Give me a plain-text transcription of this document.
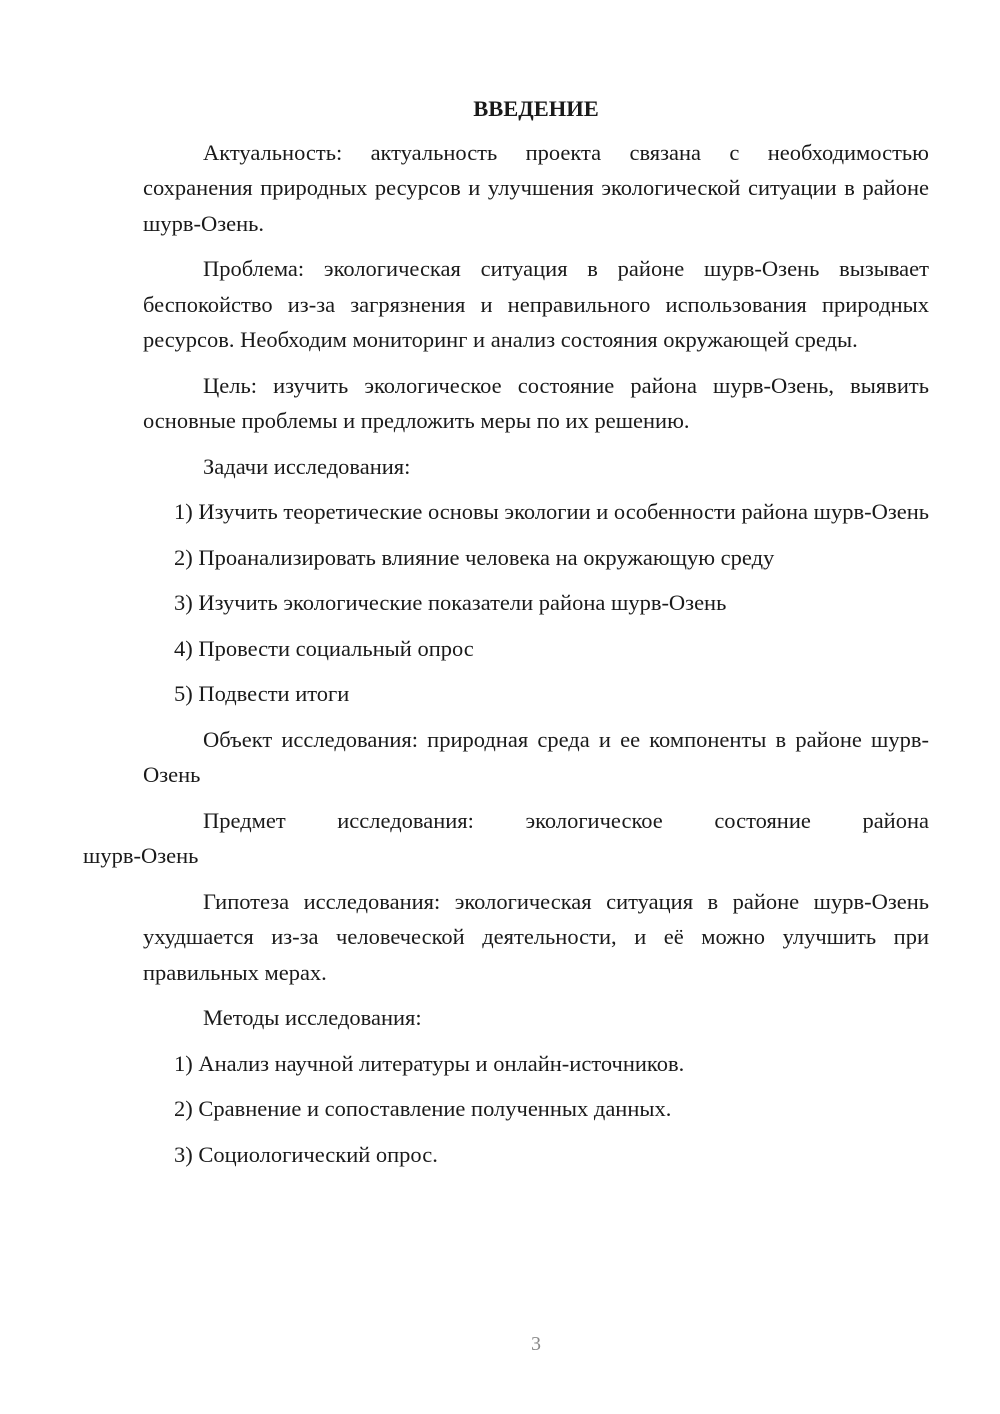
ВВЕДЕНИЕ

Актуальность: актуальность проекта связана с необходимостью сохранения природных ресурсов и улучшения экологической ситуации в районе шурв-Озень.

Проблема: экологическая ситуация в районе шурв-Озень вызывает беспокойство из-за загрязнения и неправильного использования природных ресурсов. Необходим мониторинг и анализ состояния окружающей среды.

Цель: изучить экологическое состояние района шурв-Озень, выявить основные проблемы и предложить меры по их решению.

Задачи исследования:

1) Изучить теоретические основы экологии и особенности района шурв-Озень

2) Проанализировать влияние человека на окружающую среду

3) Изучить экологические показатели района шурв-Озень

4) Провести социальный опрос

5) Подвести итоги

Объект исследования: природная среда и ее компоненты в районе шурв-Озень

Предмет исследования: экологическое состояние района
шурв-Озень

Гипотеза исследования: экологическая ситуация в районе шурв-Озень ухудшается из-за человеческой деятельности, и её можно улучшить при правильных мерах.

Методы исследования:

1) Анализ научной литературы и онлайн-источников.

2) Сравнение и сопоставление полученных данных.

3) Социологический опрос.

3
